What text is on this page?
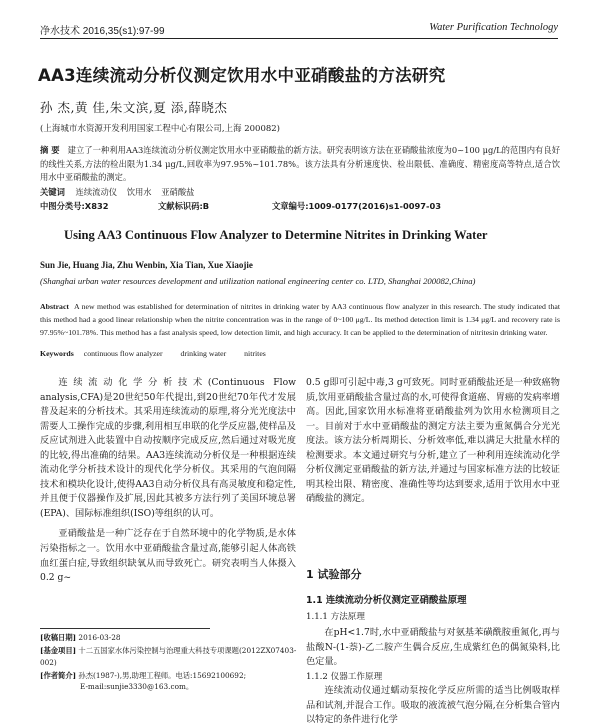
净水技术 2016,35(s1):97-99	Water Purification Technology
AA3连续流动分析仪测定饮用水中亚硝酸盐的方法研究
孙 杰,黄 佳,朱文滨,夏 添,薛晓杰
(上海城市水资源开发利用国家工程中心有限公司,上海 200082)
摘 要 建立了一种利用AA3连续流动分析仪测定饮用水中亚硝酸盐的新方法。研究表明该方法在亚硝酸盐浓度为0~100 μg/L的范围内有良好的线性关系,方法的检出限为1.34 μg/L,回收率为97.95%~101.78%。该方法具有分析速度快、检出限低、准确度、精密度高等特点,适合饮用水中亚硝酸盐的测定。
关键词 连续流动仪 饮用水 亚硝酸盐
中图分类号:X832	文献标识码:B	文章编号:1009-0177(2016)s1-0097-03
Using AA3 Continuous Flow Analyzer to Determine Nitrites in Drinking Water
Sun Jie, Huang Jia, Zhu Wenbin, Xia Tian, Xue Xiaojie
(Shanghai urban water resources development and utilization national engineering center co. LTD, Shanghai 200082,China)
Abstract A new method was established for determination of nitrites in drinking water by AA3 continuous flow analyzer in this research. The study indicated that this method had a good linear relationship when the nitrite concentration was in the range of 0~100 μg/L. Its method detection limit is 1.34 μg/L and recovery rate is 97.95%~101.78%. This method has a fast analysis speed, low detection limit, and high accuracy. It can be applied to the determination of nitritesin drinking water.
Keywords continuous flow analyzer drinking water nitrites

连续流动化学分析技术(Continuous Flow analysis,CFA)是20世纪50年代提出,到20世纪70年代才发展普及起来的分析技术。其采用连续流动的原理,将分光光度法中需要人工操作完成的步骤,利用相互串联的化学反应器,使样品及反应试剂进入此装置中自动按顺序完成反应,然后通过对吸光度的比较,得出准确的结果。AA3连续流动分析仪是一种根据连续流动化学分析技术设计的现代化学分析仪。其采用的气泡间隔技术和模块化设计,使得AA3自动分析仪具有高灵敏度和稳定性,并且便于仪器操作及扩展,因此其被多方法行列了美国环境总署(EPA)、国际标准组织(ISO)等组织的认可。

亚硝酸盐是一种广泛存在于自然环境中的化学物质,是水体污染指标之一。饮用水中亚硝酸盐含量过高,能够引起人体高铁血红蛋白症,导致组织缺氧从而导致死亡。研究表明当人体摄入0.2 g~

[收稿日期] 2016-03-28
[基金项目] 十二五国家水体污染控制与治理重大科技专项课题(2012ZX07403-002)
[作者简介] 孙杰(1987-),男,助理工程师。电话:15692100692;
E-mail:sunjie3330@163.com。

0.5 g即可引起中毒,3 g可致死。同时亚硝酸盐还是一种致癌物质,饮用亚硝酸盐含量过高的水,可使得食道癌、胃癌的发病率增高。因此,国家饮用水标准将亚硝酸盐列为饮用水检测项目之一。目前对于水中亚硝酸盐的测定方法主要为重氮偶合分光光度法。该方法分析周期长、分析效率低,难以满足大批量水样的检测要求。本文通过研究与分析,建立了一种利用连续流动化学分析仪测定亚硝酸盐的新方法,并通过与国家标准方法的比较证明其检出限、精密度、准确性等均达到要求,适用于饮用水中亚硝酸盐的测定。

1 试验部分
1.1 连续流动分析仪测定亚硝酸盐原理
1.1.1 方法原理
在pH<1.7时,水中亚硝酸盐与对氨基苯磺酰胺重氮化,再与盐酸N-(1-萘)-乙二胺产生偶合反应,生成紫红色的偶氮染料,比色定量。
1.1.2 仪器工作原理
连续流动仪通过蠕动泵按化学反应所需的适当比例吸取样品和试剂,并混合工作。吸取的液流被气泡分隔,在分析集合管内以特定的条件进行化学
